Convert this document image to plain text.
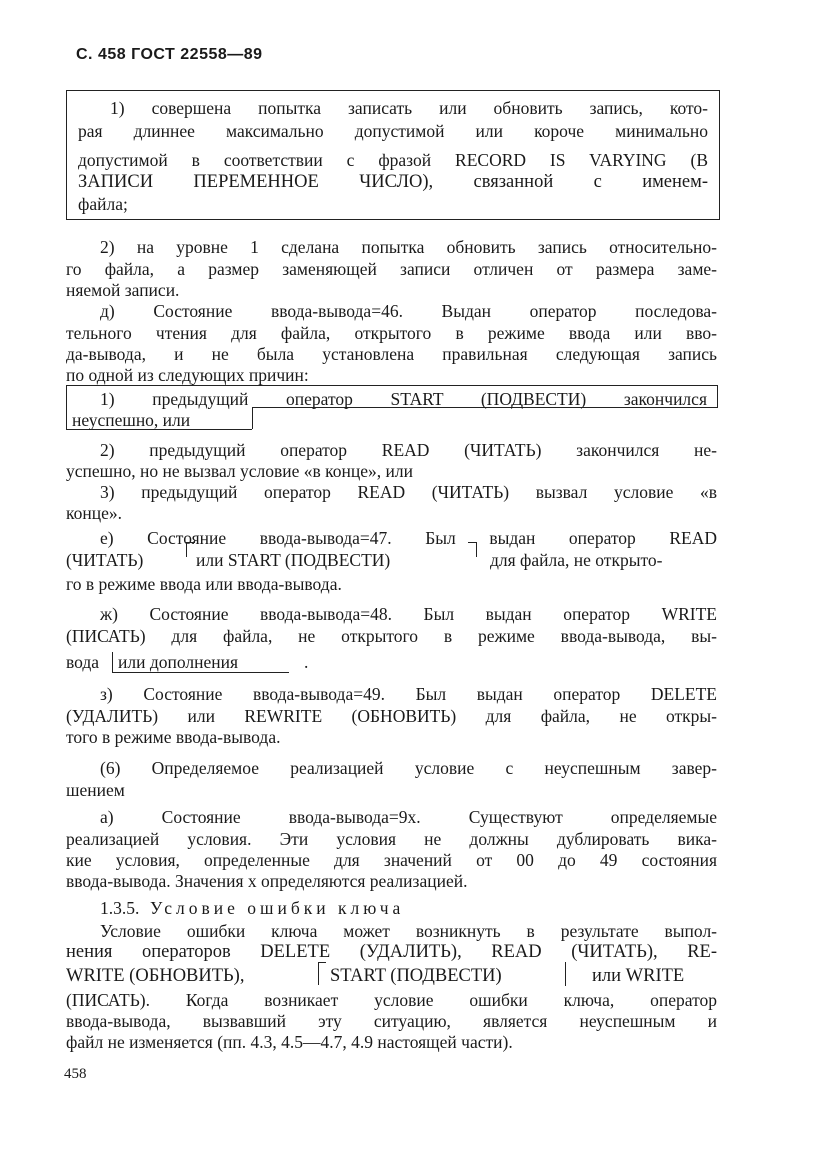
С. 458 ГОСТ 22558—89
1) совершена попытка записать или обновить запись, кото-
рая длиннее максимально допустимой или короче минимально
допустимой в соответствии с фразой RECORD IS VARYING (В
ЗАПИСИ ПЕРЕМЕННОЕ ЧИСЛО), связанной с именем-
файла;
2) на уровне 1 сделана попытка обновить запись относительно-
го файла, а размер заменяющей записи отличен от размера заме-
няемой записи.
д) Состояние ввода-вывода=46. Выдан оператор последова-
тельного чтения для файла, открытого в режиме ввода или вво-
да-вывода, и не была установлена правильная следующая запись
по одной из следующих причин:
1) предыдущий оператор START (ПОДВЕСТИ) закончился
неуспешно, или
2) предыдущий оператор READ (ЧИТАТЬ) закончился не-
успешно, но не вызвал условие «в конце», или
3) предыдущий оператор READ (ЧИТАТЬ) вызвал условие «в
конце».
е) Состояние ввода-вывода=47. Был выдан оператор READ
(ЧИТАТЬ)	или START (ПОДВЕСТИ)	для файла, не открыто-
го в режиме ввода или ввода-вывода.
ж) Состояние ввода-вывода=48. Был выдан оператор WRITE
(ПИСАТЬ) для файла, не открытого в режиме ввода-вывода, вы-
вода или дополнения	.
з) Состояние ввода-вывода=49. Был выдан оператор DELETE
(УДАЛИТЬ) или REWRITE (ОБНОВИТЬ) для файла, не откры-
того в режиме ввода-вывода.
(6) Определяемое реализацией условие с неуспешным завер-
шением
а) Состояние ввода-вывода=9х. Существуют определяемые
реализацией условия. Эти условия не должны дублировать вика-
кие условия, определенные для значений от 00 до 49 состояния
ввода-вывода. Значения x определяются реализацией.
1.3.5. Условие ошибки ключа
Условие ошибки ключа может возникнуть в результате выпол-
нения операторов DELETE (УДАЛИТЬ), READ (ЧИТАТЬ), RE-
WRITE (ОБНОВИТЬ),	START (ПОДВЕСТИ)	или WRITE
(ПИСАТЬ). Когда возникает условие ошибки ключа, оператор
ввода-вывода, вызвавший эту ситуацию, является неуспешным и
файл не изменяется (пп. 4.3, 4.5—4.7, 4.9 настоящей части).
458
